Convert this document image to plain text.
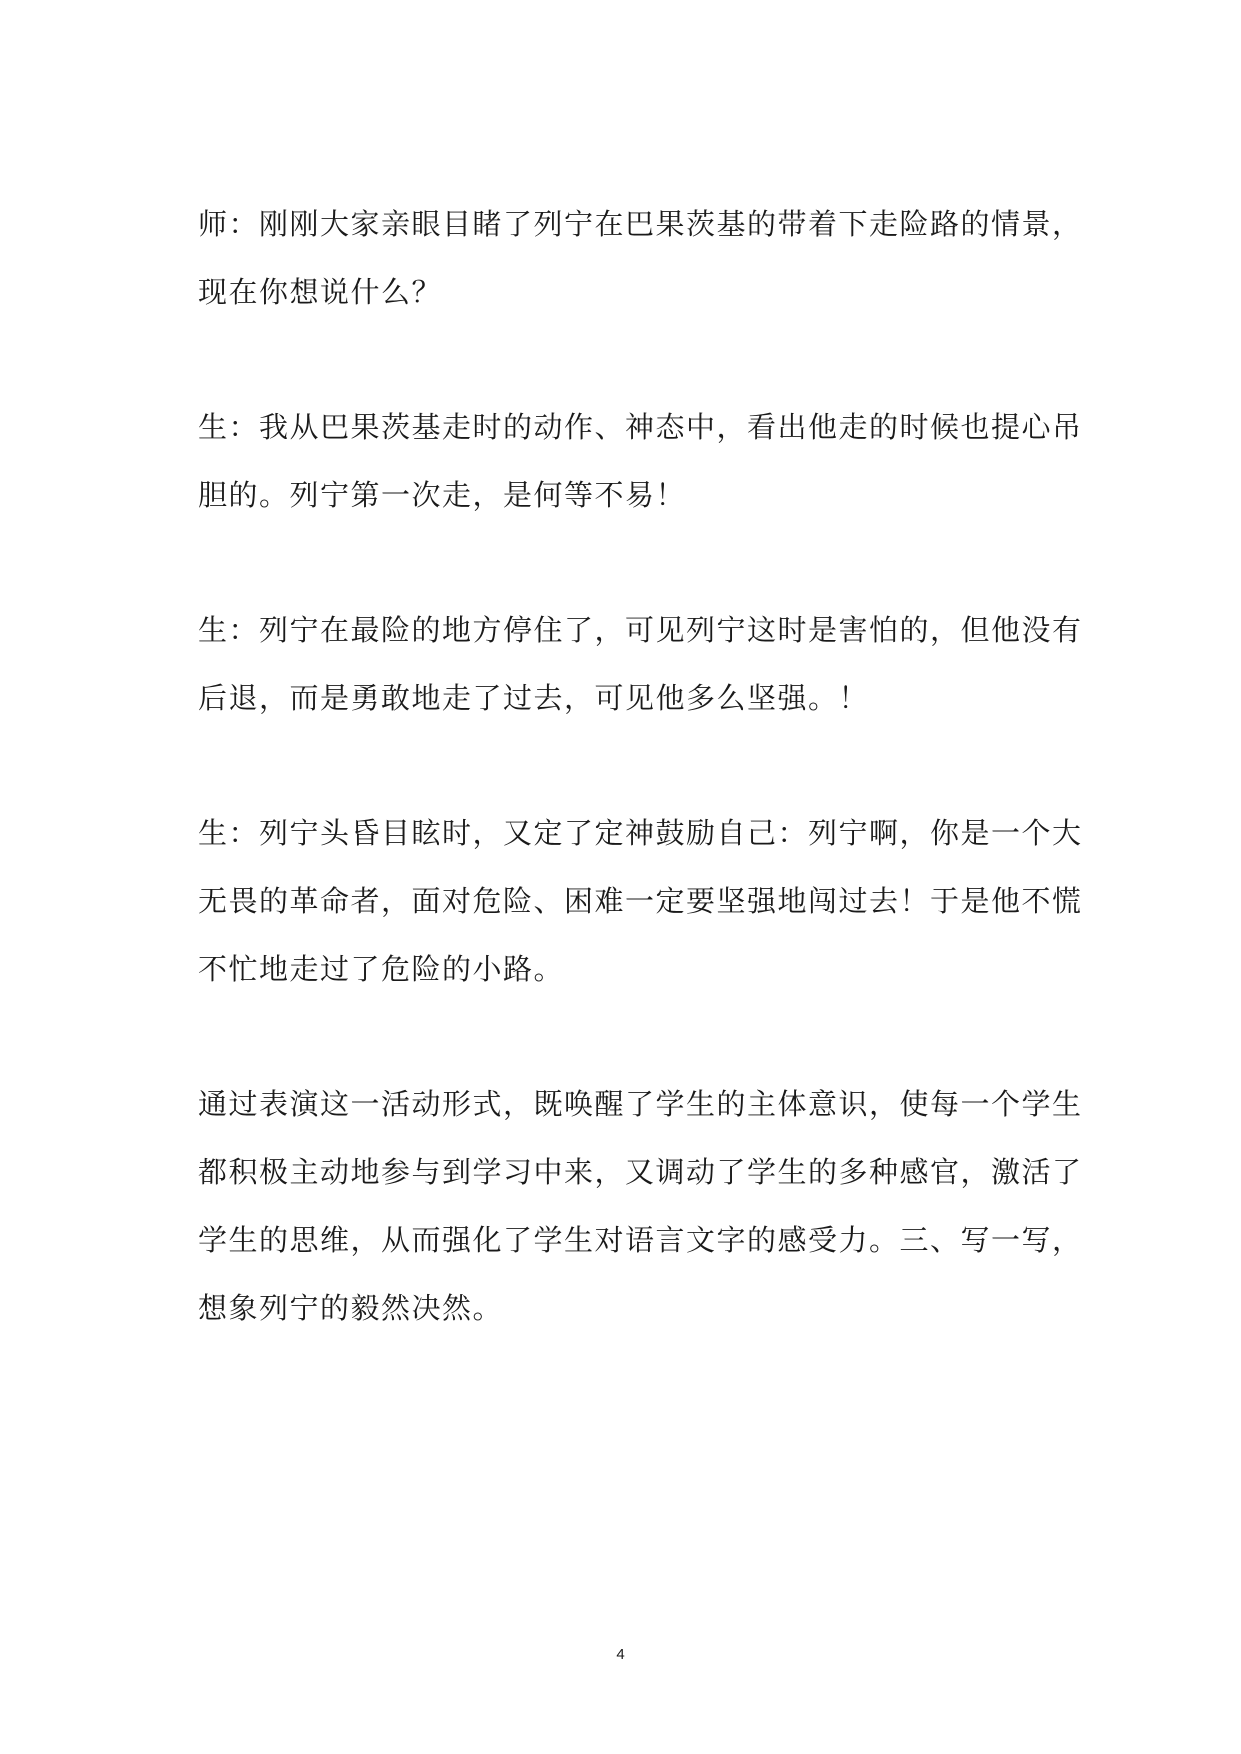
师：刚刚大家亲眼目睹了列宁在巴果茨基的带着下走险路的情景，
现在你想说什么？
生：我从巴果茨基走时的动作、神态中，看出他走的时候也提心吊
胆的。列宁第一次走，是何等不易！
生：列宁在最险的地方停住了，可见列宁这时是害怕的，但他没有
后退，而是勇敢地走了过去，可见他多么坚强。！
生：列宁头昏目眩时，又定了定神鼓励自己：列宁啊，你是一个大
无畏的革命者，面对危险、困难一定要坚强地闯过去！于是他不慌
不忙地走过了危险的小路。
通过表演这一活动形式，既唤醒了学生的主体意识，使每一个学生
都积极主动地参与到学习中来，又调动了学生的多种感官，激活了
学生的思维，从而强化了学生对语言文字的感受力。三、写一写，
想象列宁的毅然决然。
4
